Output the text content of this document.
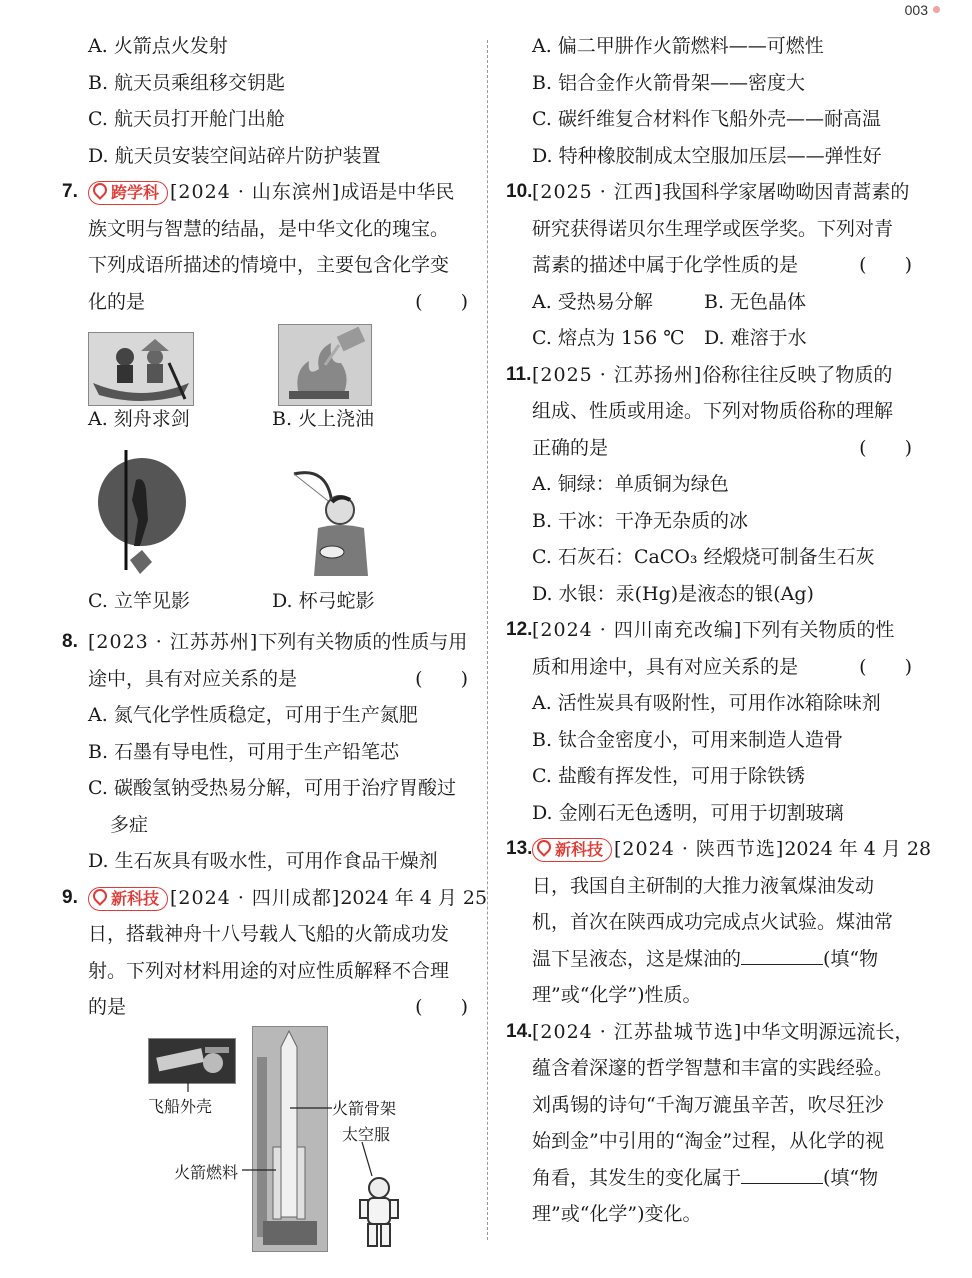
003
A. 火箭点火发射
B. 航天员乘组移交钥匙
C. 航天员打开舱门出舱
D. 航天员安装空间站碎片防护装置
7. 跨学科 [2024 · 山东滨州]成语是中华民
族文明与智慧的结晶，是中华文化的瑰宝。
下列成语所描述的情境中，主要包含化学变
化的是	(　　)
A. 刻舟求剑	B. 火上浇油
C. 立竿见影	D. 杯弓蛇影
8. [2023 · 江苏苏州]下列有关物质的性质与用
途中，具有对应关系的是	(　　)
A. 氮气化学性质稳定，可用于生产氮肥
B. 石墨有导电性，可用于生产铅笔芯
C. 碳酸氢钠受热易分解，可用于治疗胃酸过
多症
D. 生石灰具有吸水性，可用作食品干燥剂
9. 新科技 [2024 · 四川成都]2024 年 4 月 25
日，搭载神舟十八号载人飞船的火箭成功发
射。下列对材料用途的对应性质解释不合理
的是	(　　)
飞船外壳	火箭骨架
太空服
火箭燃料
A. 偏二甲肼作火箭燃料——可燃性
B. 铝合金作火箭骨架——密度大
C. 碳纤维复合材料作飞船外壳——耐高温
D. 特种橡胶制成太空服加压层——弹性好
10. [2025 · 江西]我国科学家屠呦呦因青蒿素的
研究获得诺贝尔生理学或医学奖。下列对青
蒿素的描述中属于化学性质的是	(　　)
A. 受热易分解	B. 无色晶体
C. 熔点为 156 ℃ D. 难溶于水
11. [2025 · 江苏扬州]俗称往往反映了物质的
组成、性质或用途。下列对物质俗称的理解
正确的是	(　　)
A. 铜绿：单质铜为绿色
B. 干冰：干净无杂质的冰
C. 石灰石：CaCO₃ 经煅烧可制备生石灰
D. 水银：汞(Hg)是液态的银(Ag)
12. [2024 · 四川南充改编]下列有关物质的性
质和用途中，具有对应关系的是	(　　)
A. 活性炭具有吸附性，可用作冰箱除味剂
B. 钛合金密度小，可用来制造人造骨
C. 盐酸有挥发性，可用于除铁锈
D. 金刚石无色透明，可用于切割玻璃
13. 新科技 [2024 · 陕西节选]2024 年 4 月 28
日，我国自主研制的大推力液氧煤油发动
机，首次在陕西成功完成点火试验。煤油常
温下呈液态，这是煤油的	(填“物
理”或“化学”)性质。
14. [2024 · 江苏盐城节选]中华文明源远流长，
蕴含着深邃的哲学智慧和丰富的实践经验。
刘禹锡的诗句“千淘万漉虽辛苦，吹尽狂沙
始到金”中引用的“淘金”过程，从化学的视
角看，其发生的变化属于	(填“物
理”或“化学”)变化。
